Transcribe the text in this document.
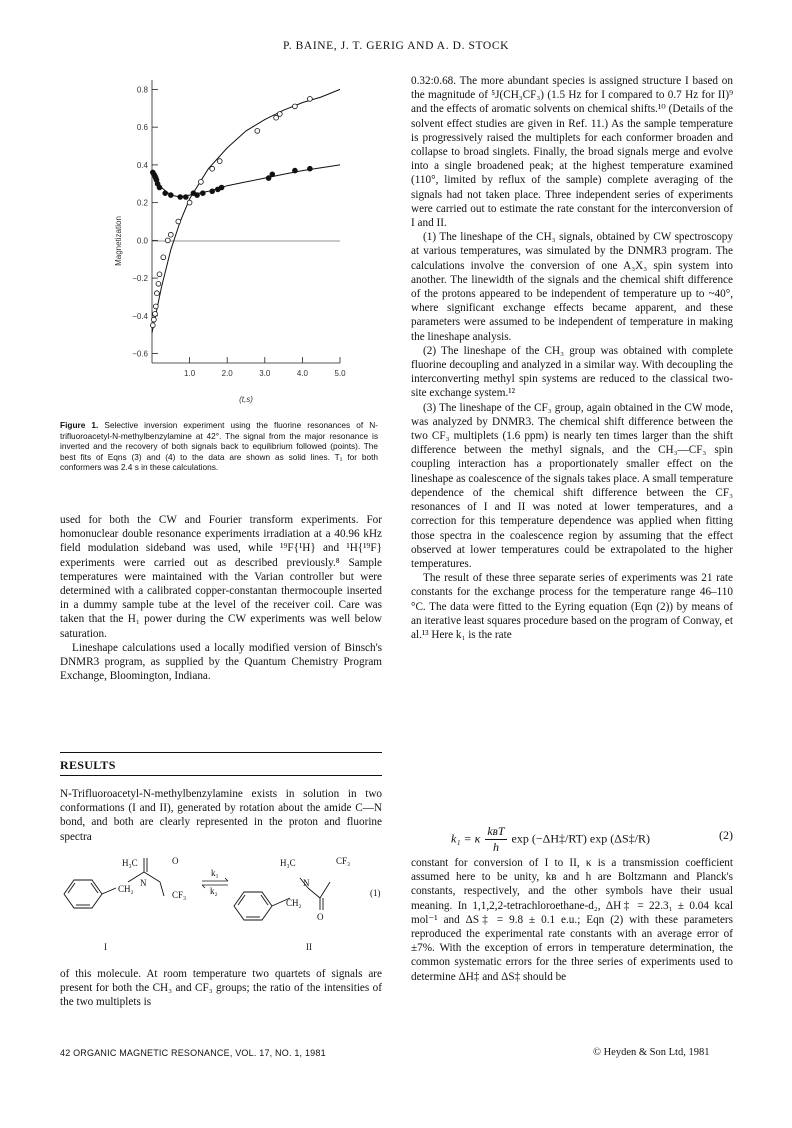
P. BAINE, J. T. GERIG AND A. D. STOCK
0.8
0.6
0.4
0.2
0.0
−0.2
−0.4
−0.6
1.0	2.0	3.0	4.0	5.0
Magnetization
(t,s)
Figure 1. Selective inversion experiment using the fluorine resonances of N-trifluoroacetyl-N-methylbenzylamine at 42°. The signal from the major resonance is inverted and the recovery of both signals back to equilibrium followed (points). The best fits of Eqns (3) and (4) to the data are shown as solid lines. T₁ for both conformers was 2.4 s in these calculations.

used for both the CW and Fourier transform experiments. For homonuclear double resonance experiments irradiation at a 40.96 kHz field modulation sideband was used, while ¹⁹F{¹H} and ¹H{¹⁹F} experiments were carried out as described previously.⁸ Sample temperatures were maintained with the Varian controller but were determined with a calibrated copper-constantan thermocouple inserted in a dummy sample tube at the level of the receiver coil. Care was taken that the H₁ power during the CW experiments was well below saturation.

Lineshape calculations used a locally modified version of Binsch's DNMR3 program, as supplied by the Quantum Chemistry Program Exchange, Bloomington, Indiana.

RESULTS

N-Trifluoroacetyl-N-methylbenzylamine exists in solution in two conformations (I and II), generated by rotation about the amide C—N bond, and both are clearly represented in the proton and fluorine spectra

H₃C	O
N
CH₂
CF₃
k₁
k₂
H₃C	CF₃
N
CH₂
O
(1)
I	II

of this molecule. At room temperature two quartets of signals are present for both the CH₃ and CF₃ groups; the ratio of the intensities of the two multiplets is

0.32:0.68. The more abundant species is assigned structure I based on the magnitude of ⁵J(CH₃CF₃) (1.5 Hz for I compared to 0.7 Hz for II)⁹ and the effects of aromatic solvents on chemical shifts.¹⁰ (Details of the solvent effect studies are given in Ref. 11.) As the sample temperature is progressively raised the multiplets for each conformer broaden and collapse to broad singlets. Finally, the broad signals merge and evolve into a single broadened peak; at the highest temperature examined (110°, limited by reflux of the sample) complete averaging of the signals had not taken place. Three independent series of experiments were carried out to estimate the rate constant for the interconversion of I and II.

(1) The lineshape of the CH₃ signals, obtained by CW spectroscopy at various temperatures, was simulated by the DNMR3 program. The calculations involve the conversion of one A₃X₃ spin system into another. The linewidth of the signals and the chemical shift difference of the protons appeared to be independent of temperature up to ~40°, where significant exchange effects became apparent, and these parameters were assumed to be independent of temperature in making the lineshape analysis.

(2) The lineshape of the CH₃ group was obtained with complete fluorine decoupling and analyzed in a similar way. With decoupling the interconverting methyl spin systems are reduced to the classical two-site exchange system.¹²

(3) The lineshape of the CF₃ group, again obtained in the CW mode, was analyzed by DNMR3. The chemical shift difference between the two CF₃ multiplets (1.6 ppm) is nearly ten times larger than the shift difference between the methyl signals, and the CH₃—CF₃ spin coupling interaction has a proportionately smaller effect on the lineshape as coalescence of the signals takes place. A small temperature dependence of the chemical shift difference between the CF₃ resonances of I and II was noted at lower temperatures, and a correction for this temperature dependence was applied when fitting those spectra in the coalescence region by assuming that the effect observed at lower temperatures could be extrapolated to the higher temperatures.

The result of these three separate series of experiments was 21 rate constants for the exchange process for the temperature range 46–110 °C. The data were fitted to the Eyring equation (Eqn (2)) by means of an iterative least squares procedure based on the program of Conway, et al.¹³ Here k₁ is the rate

k₁ = κ
kʙT
h
exp (−ΔH‡/RT) exp (ΔS‡/R)	(2)

constant for conversion of I to II, κ is a transmission coefficient assumed here to be unity, kʙ and h are Boltzmann and Planck's constants, respectively, and the other symbols have their usual meaning. In 1,1,2,2-tetrachloroethane-d₂, ΔH‡ = 22.3₁ ± 0.04 kcal mol⁻¹ and ΔS‡ = 9.8 ± 0.1 e.u.; Eqn (2) with these parameters reproduced the experimental rate constants with an average error of ±7%. With the exception of errors in temperature determination, the common systematic errors for the three series of experiments used to determine ΔH‡ and ΔS‡ should be

42 ORGANIC MAGNETIC RESONANCE, VOL. 17, NO. 1, 1981	© Heyden & Son Ltd, 1981
